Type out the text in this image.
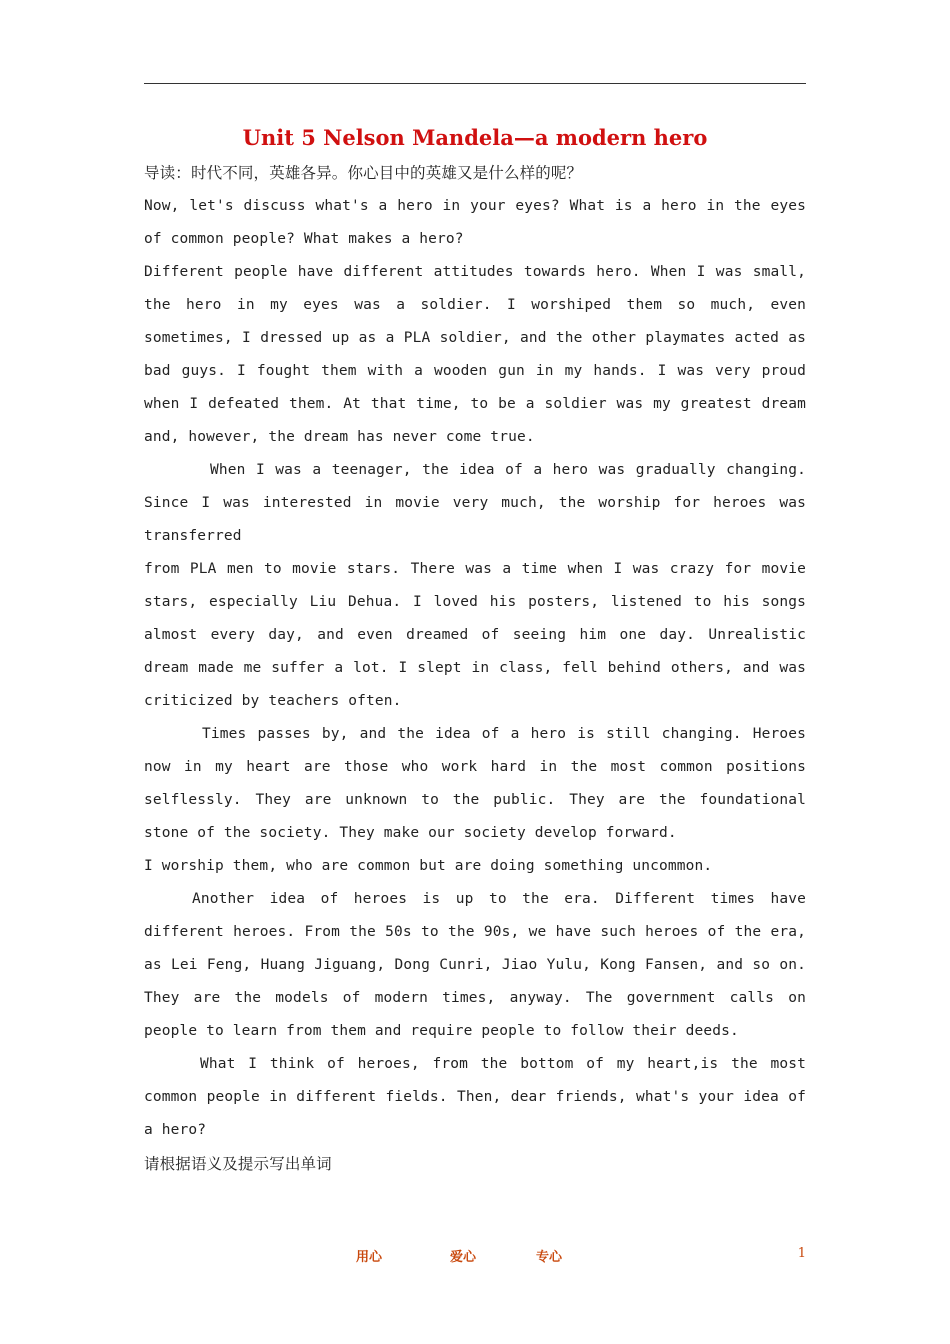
Unit 5 Nelson Mandela—a modern hero

导读：时代不同，英雄各异。你心目中的英雄又是什么样的呢？

Now, let's discuss what's a hero in your eyes? What is a hero in the eyes of common people? What makes a hero?

Different people have different attitudes towards hero. When I was small, the hero in my eyes was a soldier. I worshiped them so much, even sometimes, I dressed up as a PLA soldier, and the other playmates acted as bad guys. I fought them with a wooden gun in my hands. I was very proud when I defeated them. At that time, to be a soldier was my greatest dream and, however, the dream has never come true.

When I was a teenager, the idea of a hero was gradually changing. Since I was interested in movie very much, the worship for heroes was transferred

from PLA men to movie stars. There was a time when I was crazy for movie stars, especially Liu Dehua. I loved his posters, listened to his songs almost every day, and even dreamed of seeing him one day. Unrealistic dream made me suffer a lot. I slept in class, fell behind others, and was criticized by teachers often.

Times passes by, and the idea of a hero is still changing. Heroes now in my heart are those who work hard in the most common positions selflessly. They are unknown to the public. They are the foundational stone of the society. They make our society develop forward.

I worship them, who are common but are doing something uncommon.

Another idea of heroes is up to the era. Different times have different heroes. From the 50s to the 90s, we have such heroes of the era, as Lei Feng, Huang Jiguang, Dong Cunri, Jiao Yulu, Kong Fansen, and so on. They are the models of modern times, anyway. The government calls on people to learn from them and require people to follow their deeds.

What I think of heroes, from the bottom of my heart,is the most common people in different fields. Then, dear friends, what's your idea of a hero?

请根据语义及提示写出单词

用心	爱心	专心	1
